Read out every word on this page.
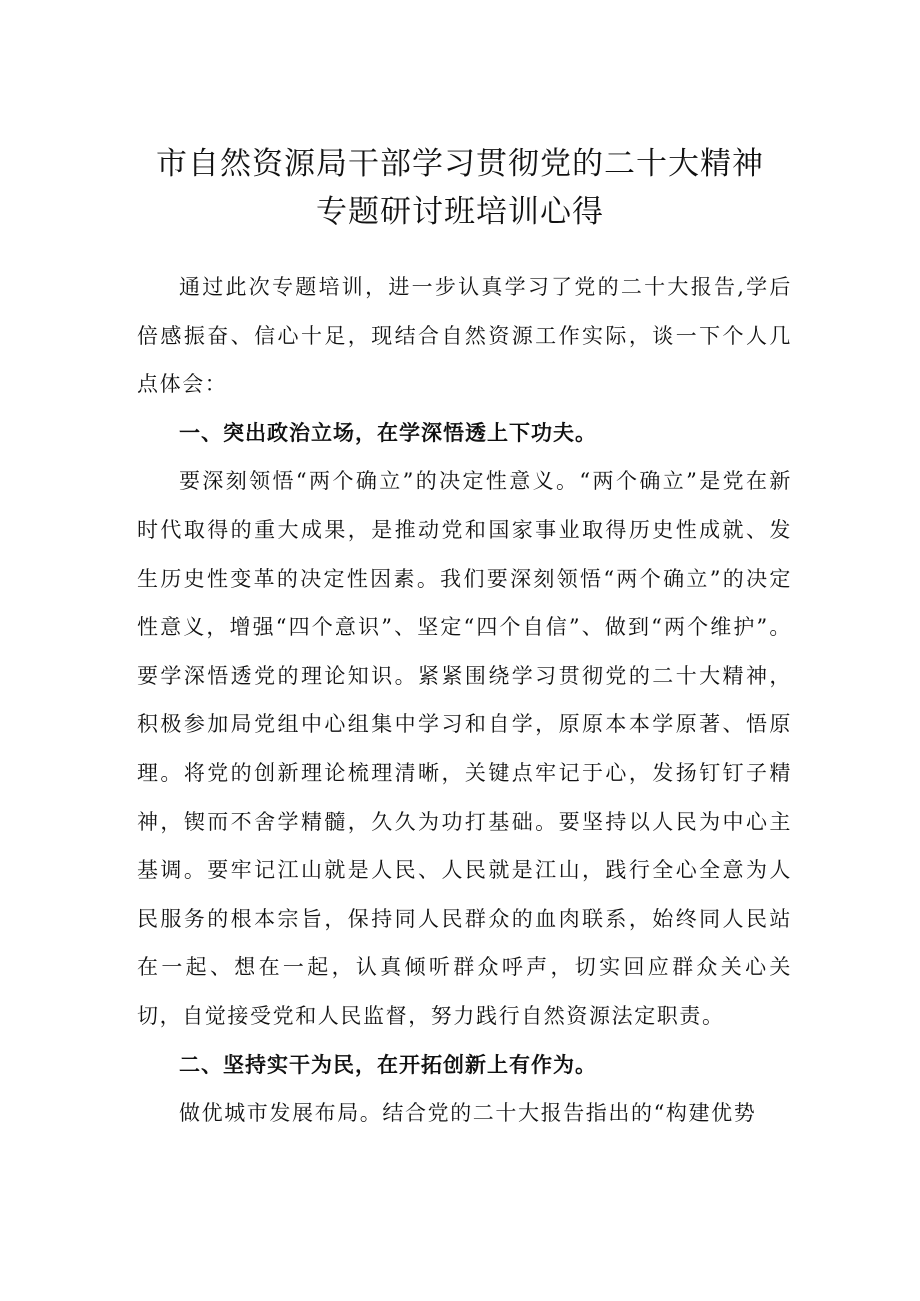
市自然资源局干部学习贯彻党的二十大精神
专题研讨班培训心得

通过此次专题培训，进一步认真学习了党的二十大报告,学后倍感振奋、信心十足，现结合自然资源工作实际，谈一下个人几点体会：

一、突出政治立场，在学深悟透上下功夫。

要深刻领悟“两个确立”的决定性意义。“两个确立”是党在新时代取得的重大成果，是推动党和国家事业取得历史性成就、发生历史性变革的决定性因素。我们要深刻领悟“两个确立”的决定性意义，增强“四个意识”、坚定“四个自信”、做到“两个维护”。要学深悟透党的理论知识。紧紧围绕学习贯彻党的二十大精神，积极参加局党组中心组集中学习和自学，原原本本学原著、悟原理。将党的创新理论梳理清晰，关键点牢记于心，发扬钉钉子精神，锲而不舍学精髓，久久为功打基础。要坚持以人民为中心主基调。要牢记江山就是人民、人民就是江山，践行全心全意为人民服务的根本宗旨，保持同人民群众的血肉联系，始终同人民站在一起、想在一起，认真倾听群众呼声，切实回应群众关心关切，自觉接受党和人民监督，努力践行自然资源法定职责。

二、坚持实干为民，在开拓创新上有作为。

做优城市发展布局。结合党的二十大报告指出的“构建优势
